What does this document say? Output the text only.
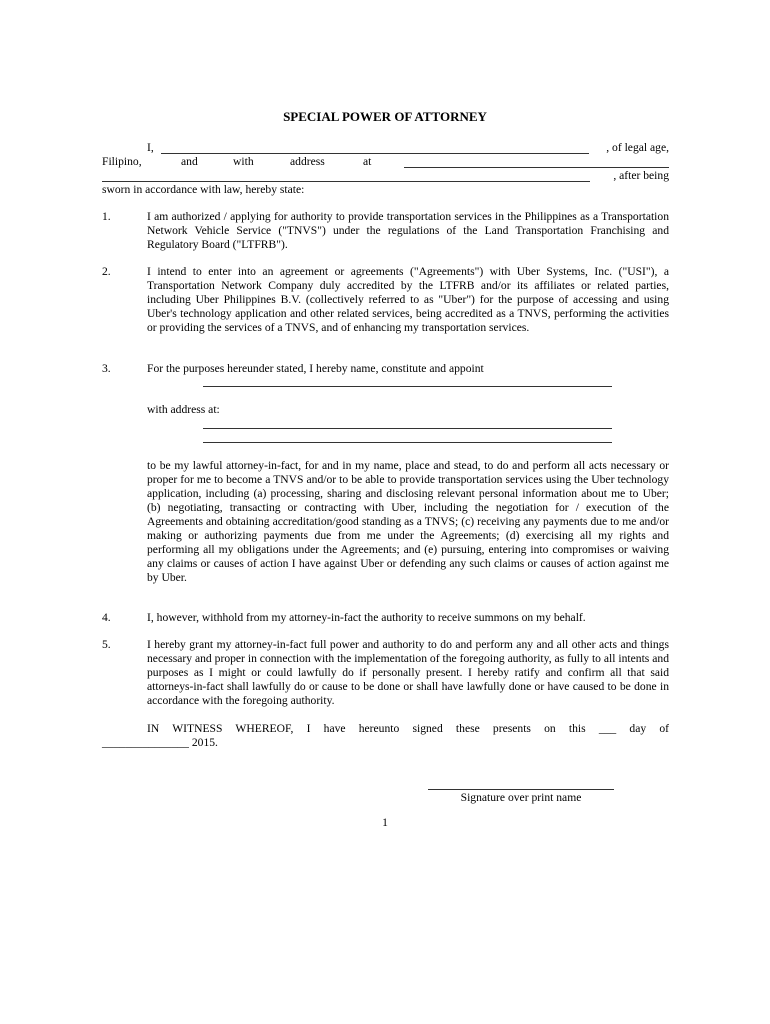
SPECIAL POWER OF ATTORNEY
I,	, of legal age,
Filipino,	and	with	address	at
, after being
sworn in accordance with law, hereby state:
1.	I am authorized / applying for authority to provide transportation services in the Philippines as a Transportation Network Vehicle Service ("TNVS") under the regulations of the Land Transportation Franchising and Regulatory Board ("LTFRB").
2.	I intend to enter into an agreement or agreements ("Agreements") with Uber Systems, Inc. ("USI"), a Transportation Network Company duly accredited by the LTFRB and/or its affiliates or related parties, including Uber Philippines B.V. (collectively referred to as "Uber") for the purpose of accessing and using Uber's technology application and other related services, being accredited as a TNVS, performing the activities or providing the services of a TNVS, and of enhancing my transportation services.
3.	For the purposes hereunder stated, I hereby name, constitute and appoint
with address at:
to be my lawful attorney-in-fact, for and in my name, place and stead, to do and perform all acts necessary or proper for me to become a TNVS and/or to be able to provide transportation services using the Uber technology application, including (a) processing, sharing and disclosing relevant personal information about me to Uber; (b) negotiating, transacting or contracting with Uber, including the negotiation for / execution of the Agreements and obtaining accreditation/good standing as a TNVS; (c) receiving any payments due to me and/or making or authorizing payments due from me under the Agreements; (d) exercising all my rights and performing all my obligations under the Agreements; and (e) pursuing, entering into compromises or waiving any claims or causes of action I have against Uber or defending any such claims or causes of action against me by Uber.
4.	I, however, withhold from my attorney-in-fact the authority to receive summons on my behalf.
5.	I hereby grant my attorney-in-fact full power and authority to do and perform any and all other acts and things necessary and proper in connection with the implementation of the foregoing authority, as fully to all intents and purposes as I might or could lawfully do if personally present. I hereby ratify and confirm all that said attorneys-in-fact shall lawfully do or cause to be done or shall have lawfully done or have caused to be done in accordance with the foregoing authority.
IN WITNESS WHEREOF, I have hereunto signed these presents on this ___ day of
_______________ 2015.
Signature over print name
1
